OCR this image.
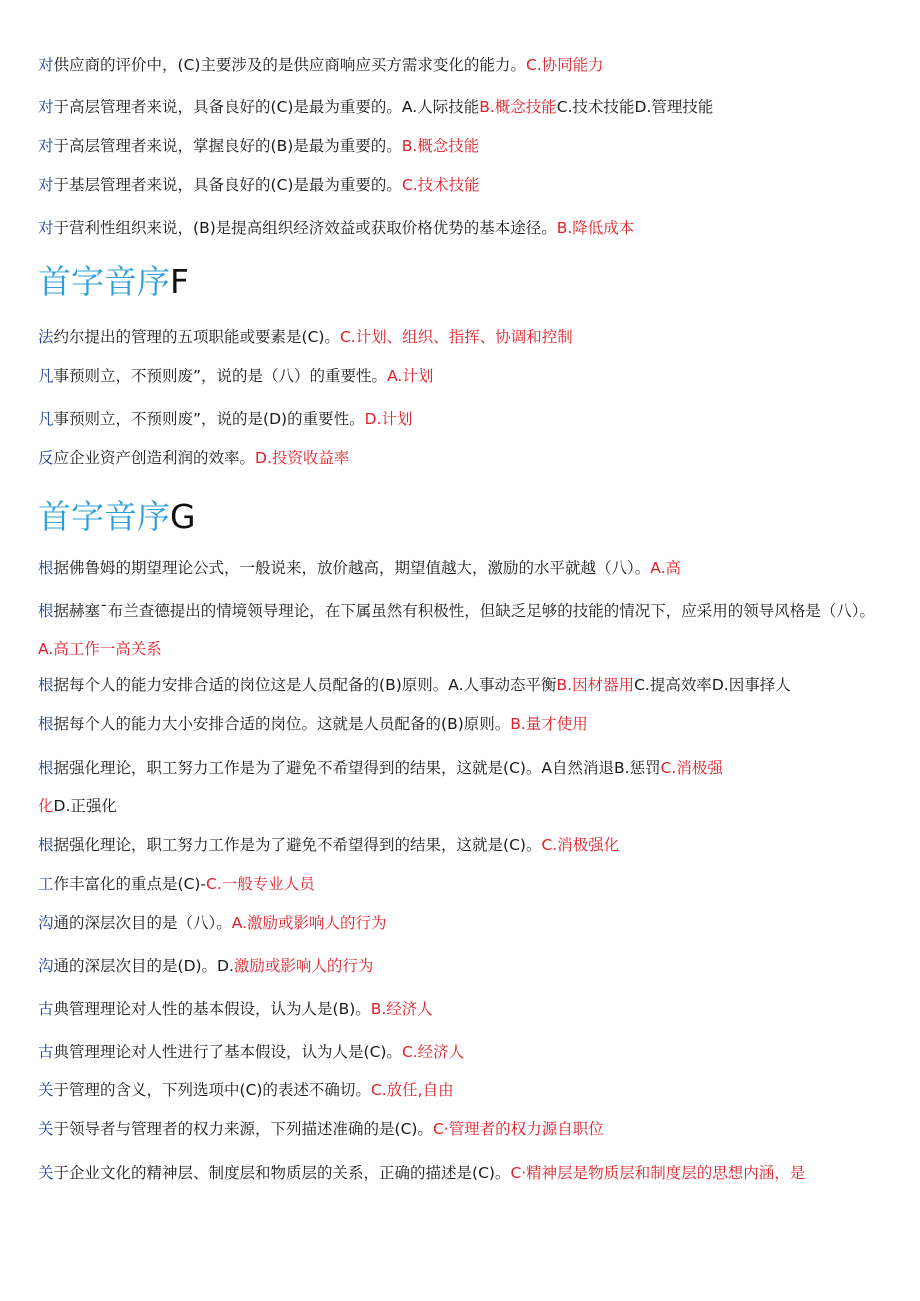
对供应商的评价中，(C)主要涉及的是供应商响应买方需求变化的能力。C.协同能力
对于高层管理者来说，具备良好的(C)是最为重要的。A.人际技能B.概念技能C.技术技能D.管理技能
对于高层管理者来说，掌握良好的(B)是最为重要的。B.概念技能
对于基层管理者来说，具备良好的(C)是最为重要的。C.技术技能
对于营利性组织来说，(B)是提高组织经济效益或获取价格优势的基本途径。B.降低成本
首字音序F
法约尔提出的管理的五项职能或要素是(C)。C.计划、组织、指挥、协调和控制
凡事预则立，不预则废”，说的是（八）的重要性。A.计划
凡事预则立，不预则废”，说的是(D)的重要性。D.计划
反应企业资产创造利润的效率。D.投资收益率
首字音序G
根据佛鲁姆的期望理论公式，一般说来，放价越高，期望值越大，激励的水平就越（八）。A.高
根据赫塞¯布兰查德提出的情境领导理论，在下属虽然有积极性，但缺乏足够的技能的情况下，应采用的领导风格是（八）。A.高工作一高关系
根据每个人的能力安排合适的岗位这是人员配备的(B)原则。A.人事动态平衡B.因材器用C.提高效率D.因事择人
根据每个人的能力大小安排合适的岗位。这就是人员配备的(B)原则。B.量才使用
根据强化理论，职工努力工作是为了避免不希望得到的结果，这就是(C)。A自然消退B.惩罚C.消极强
化D.正强化
根据强化理论，职工努力工作是为了避免不希望得到的结果，这就是(C)。C.消极强化
工作丰富化的重点是(C)-C.一般专业人员
沟通的深层次目的是（八）。A.激励或影响人的行为
沟通的深层次目的是(D)。D.激励或影响人的行为
古典管理理论对人性的基本假设，认为人是(B)。B.经济人
古典管理理论对人性进行了基本假设，认为人是(C)。C.经济人
关于管理的含义，下列选项中(C)的表述不确切。C.放任,自由
关于领导者与管理者的权力来源，下列描述准确的是(C)。C·管理者的权力源自职位
关于企业文化的精神层、制度层和物质层的关系，正确的描述是(C)。C·精神层是物质层和制度层的思想内涵，是
